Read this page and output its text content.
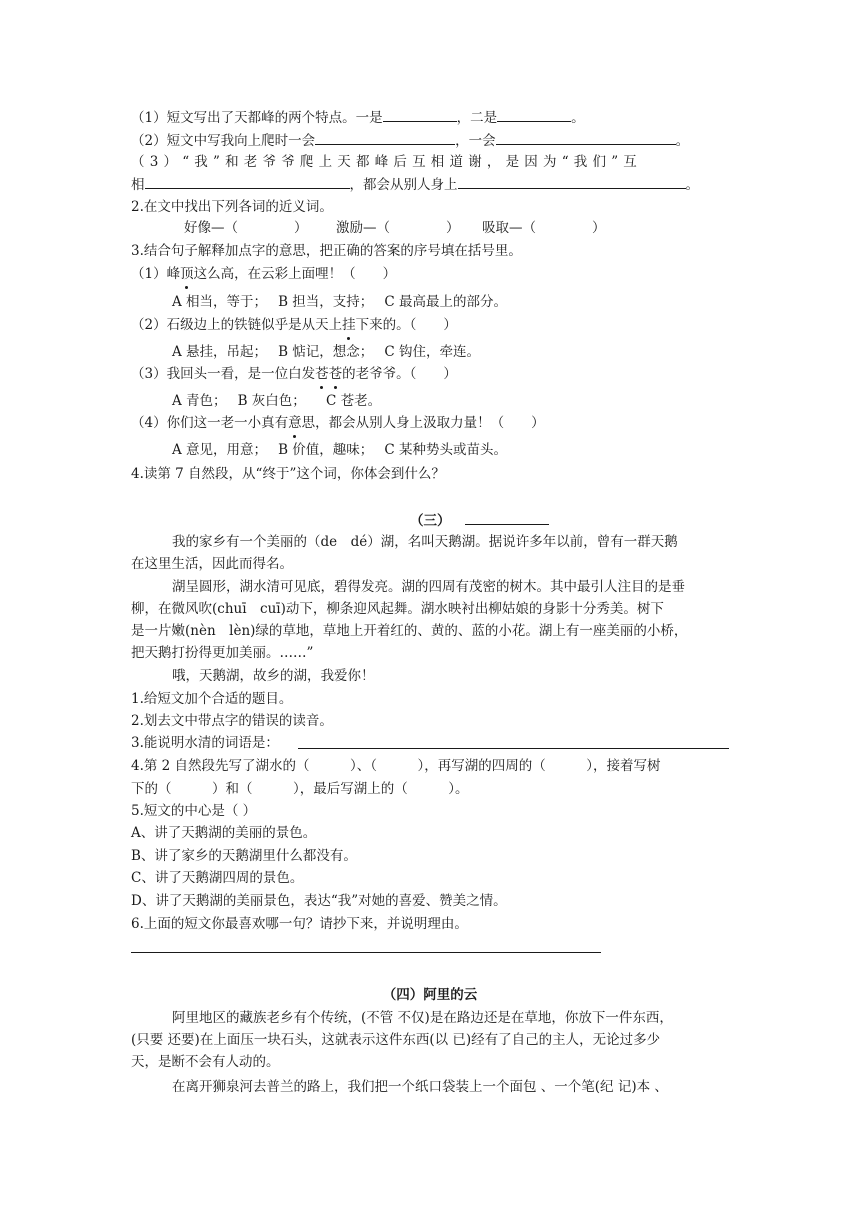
（1）短文写出了天都峰的两个特点。一是	，二是	。
（2）短文中写我向上爬时一会	，一会	。
（3）“我”和老爷爷爬上天都峰后互相道谢，是因为“我们”互
相	，都会从别人身上	。
2.在文中找出下列各词的近义词。
好像—（	） 激励—（	） 吸取—（	）
3.结合句子解释加点字的意思，把正确的答案的序号填在括号里。
（1）峰顶这么高，在云彩上面哩！（　　）
A 相当，等于；　 B 担当，支持；　 C 最高最上的部分。
（2）石级边上的铁链似乎是从天上挂下来的。（　　）
A 悬挂，吊起；　 B 惦记，想念；　 C 钩住，牵连。
（3）我回头一看，是一位白发苍苍的老爷爷。（　　）
A 青色；　 B 灰白色；　　C 苍老。
（4）你们这一老一小真有意思，都会从别人身上汲取力量！（　　）
A 意见，用意；　 B 价值，趣味；　 C 某种势头或苗头。
4.读第 7 自然段，从“终于”这个词，你体会到什么？
（三）
我的家乡有一个美丽的（de　dé）湖，名叫天鹅湖。据说许多年以前，曾有一群天鹅
在这里生活，因此而得名。
湖呈圆形，湖水清可见底，碧得发亮。湖的四周有茂密的树木。其中最引人注目的是垂
柳，在微风吹(chuī　cuī)动下，柳条迎风起舞。湖水映衬出柳姑娘的身影十分秀美。树下
是一片嫩(nèn　lèn)绿的草地，草地上开着红的、黄的、蓝的小花。湖上有一座美丽的小桥，
把天鹅打扮得更加美丽。……”
哦，天鹅湖，故乡的湖，我爱你！
1.给短文加个合适的题目。
2.划去文中带点字的错误的读音。
3.能说明水清的词语是：
4.第 2 自然段先写了湖水的（　　　）、（　　　），再写湖的四周的（　　　），接着写树
下的（　　　）和（　　　），最后写湖上的（　　　）。
5.短文的中心是（ ）
A、讲了天鹅湖的美丽的景色。
B、讲了家乡的天鹅湖里什么都没有。
C、讲了天鹅湖四周的景色。
D、讲了天鹅湖的美丽景色，表达“我”对她的喜爱、赞美之情。
6.上面的短文你最喜欢哪一句？请抄下来，并说明理由。
（四）阿里的云
阿里地区的藏族老乡有个传统，(不管 不仅)是在路边还是在草地，你放下一件东西，
(只要 还要)在上面压一块石头，这就表示这件东西(以 已)经有了自己的主人，无论过多少
天，是断不会有人动的。
在离开狮泉河去普兰的路上，我们把一个纸口袋装上一个面包 、一个笔(纪 记)本 、
